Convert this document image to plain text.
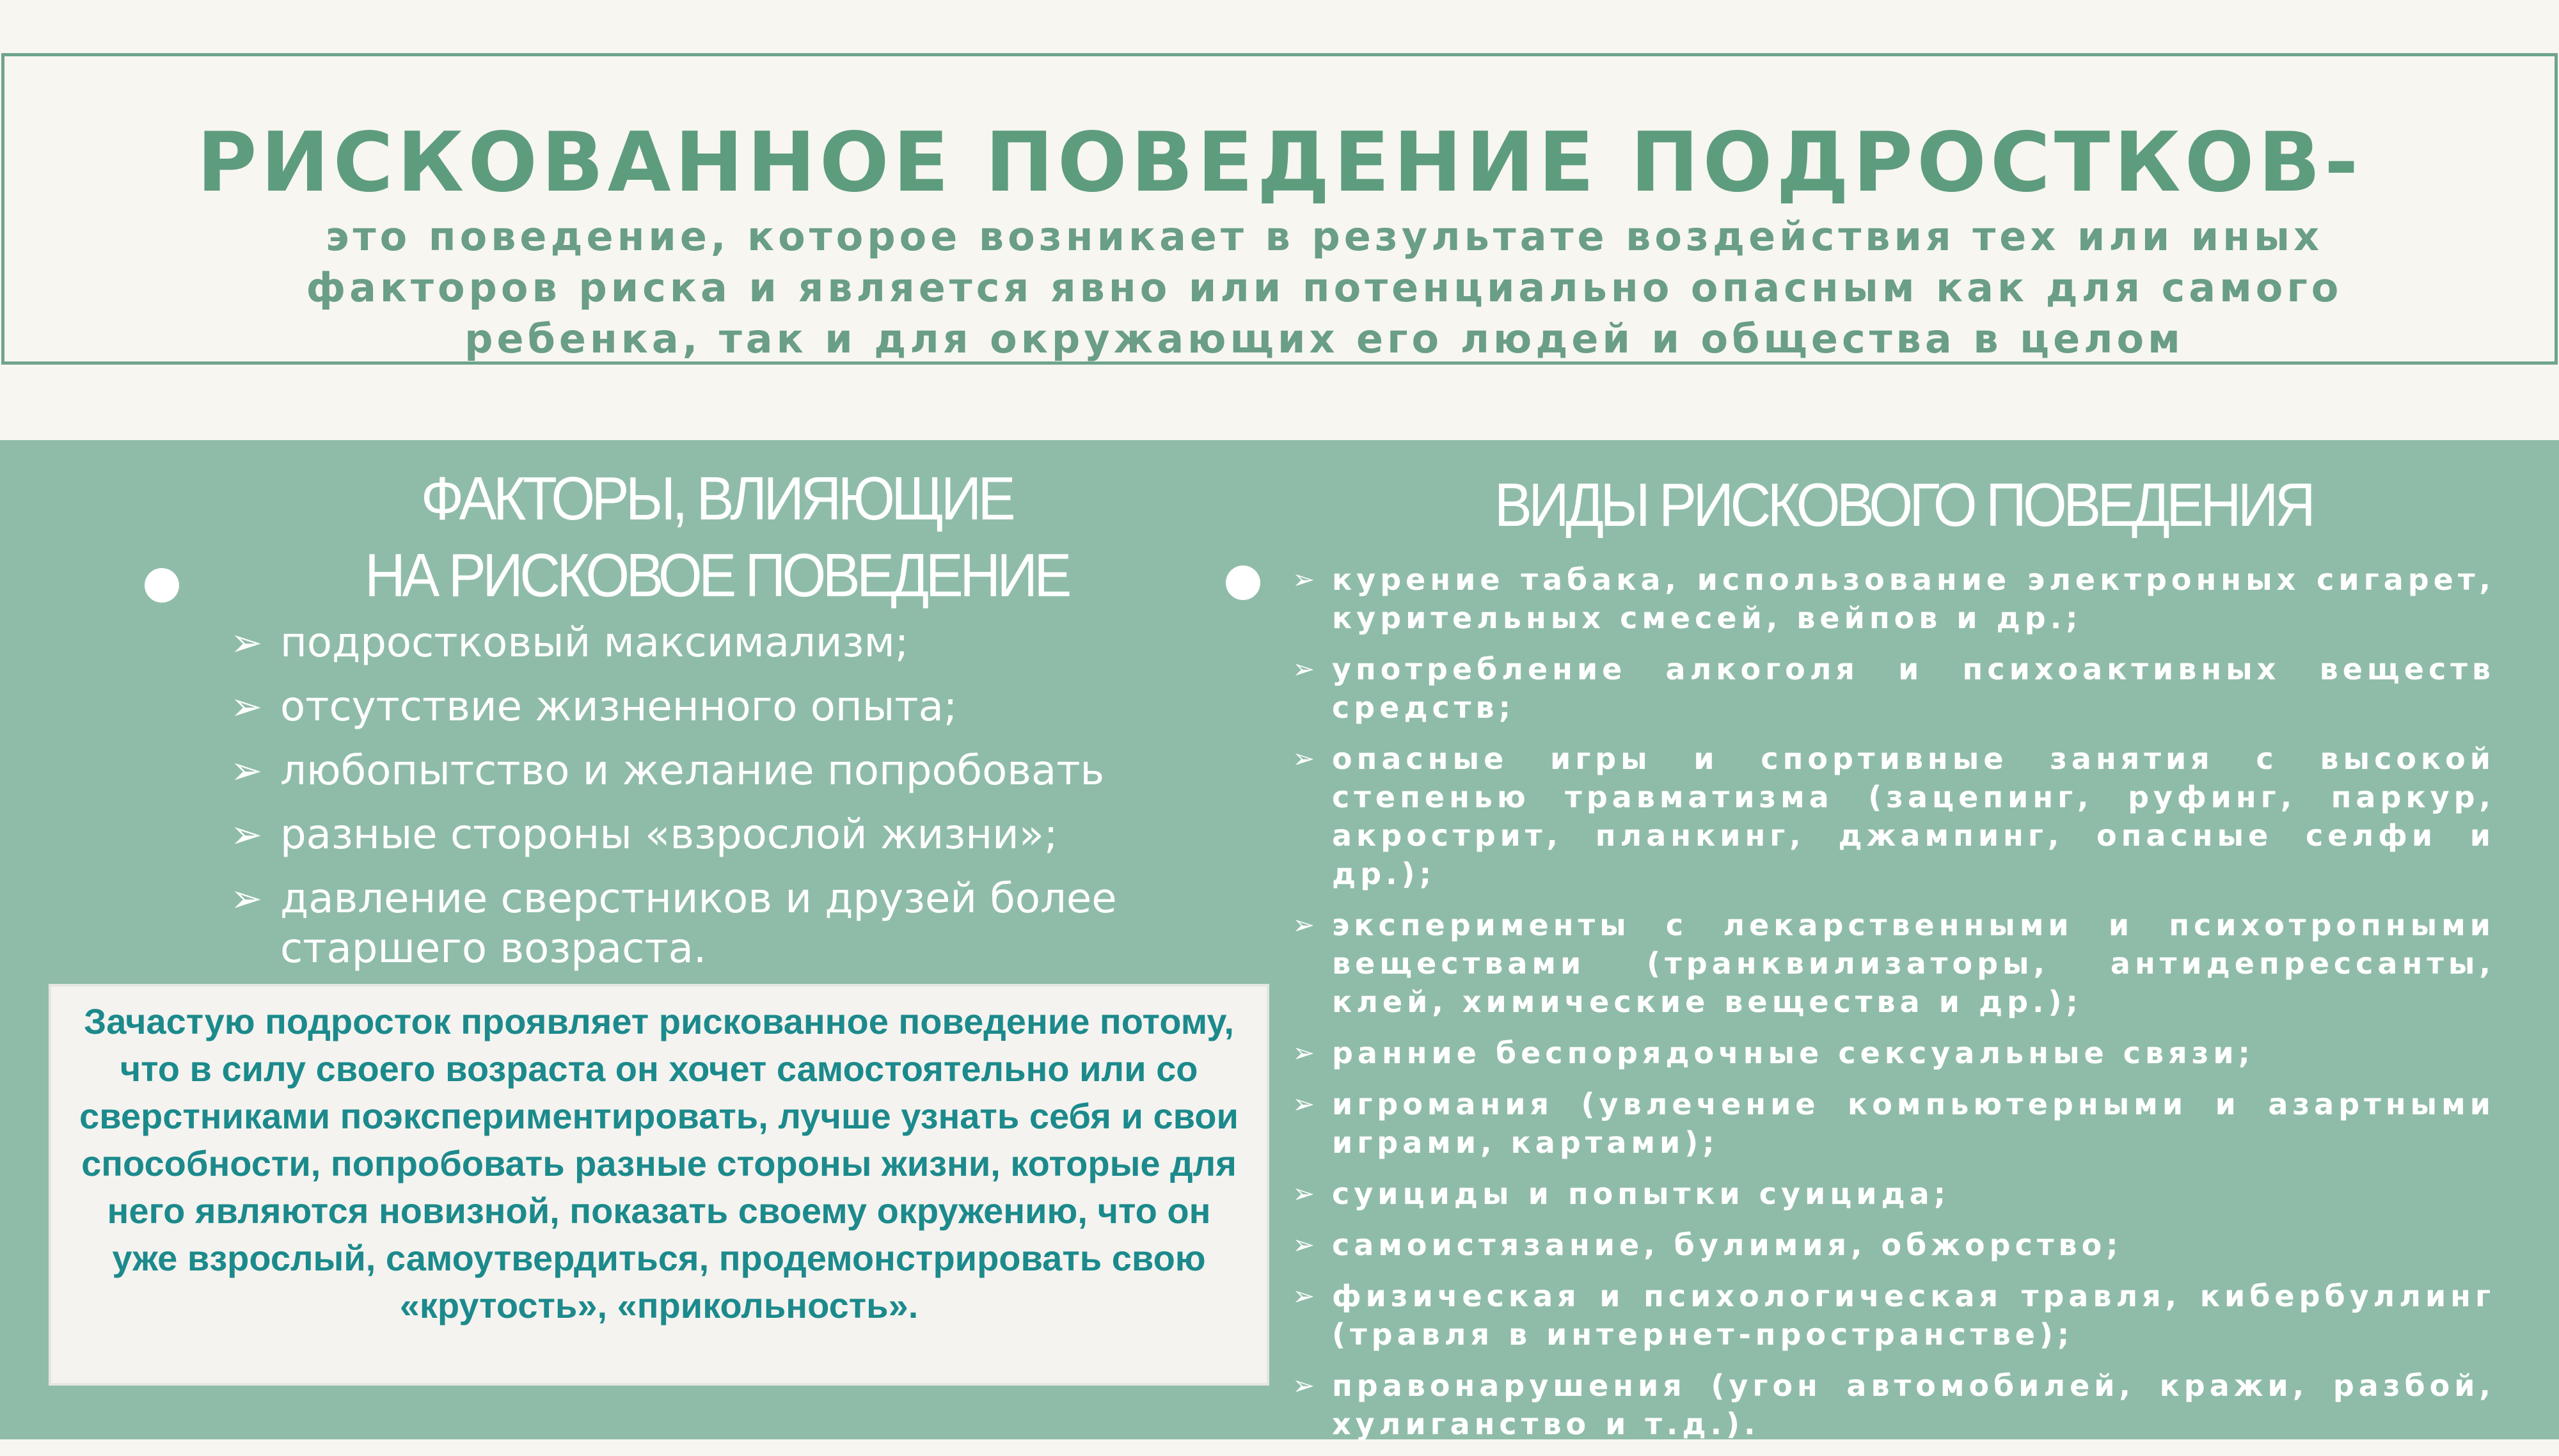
РИСКОВАННОЕ ПОВЕДЕНИЕ ПОДРОСТКОВ-
это поведение, которое возникает в результате воздействия тех или иных факторов риска и является явно или потенциально опасным как для самого ребенка, так и для окружающих его людей и общества в целом
ФАКТОРЫ, ВЛИЯЮЩИЕ
НА РИСКОВОЕ ПОВЕДЕНИЕ
➢ подростковый максимализм;
➢ отсутствие жизненного опыта;
➢ любопытство и желание попробовать
➢ разные стороны «взрослой жизни»;
➢ давление сверстников и друзей более старшего возраста.
Зачастую подросток проявляет рискованное поведение потому, что в силу своего возраста он хочет самостоятельно или со сверстниками поэкспериментировать, лучше узнать себя и свои способности, попробовать разные стороны жизни, которые для него являются новизной, показать своему окружению, что он уже взрослый, самоутвердиться, продемонстрировать свою «крутость», «прикольность».
ВИДЫ РИСКОВОГО ПОВЕДЕНИЯ
➢ курение табака, использование электронных сигарет, курительных смесей, вейпов и др.;
➢ употребление алкоголя и психоактивных веществ средств;
➢ опасные игры и спортивные занятия с высокой степенью травматизма (зацепинг, руфинг, паркур, акрострит, планкинг, джампинг, опасные селфи и др.);
➢ эксперименты с лекарственными и психотропными веществами (транквилизаторы, антидепрессанты, клей, химические вещества и др.);
➢ ранние беспорядочные сексуальные связи;
➢ игромания (увлечение компьютерными и азартными играми, картами);
➢ суициды и попытки суицида;
➢ самоистязание, булимия, обжорство;
➢ физическая и психологическая травля, кибербуллинг (травля в интернет-пространстве);
➢ правонарушения (угон автомобилей, кражи, разбой, хулиганство и т.д.).
